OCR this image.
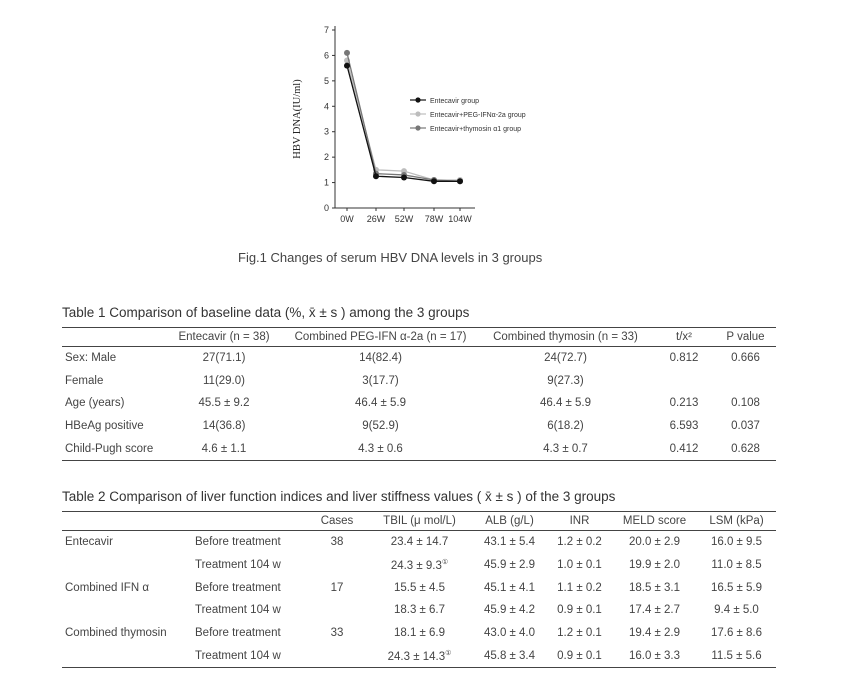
0
1
2
3
4
5
6
7
0W 26W 52W 78W 104W
HBV DNA(IU/ml)	Entecavir group
Entecavir+PEG-IFNα-2a group
Entecavir+thymosin α1 group
Fig.1 Changes of serum HBV DNA levels in 3 groups
Table 1 Comparison of baseline data (%, x̄ ± s ) among the 3 groups
	Entecavir (n = 38)	Combined PEG-IFN α-2a (n = 17)	Combined thymosin (n = 33)	t/x²	P value
Sex: Male	27(71.1)	14(82.4)	24(72.7)	0.812	0.666
Female	11(29.0)	3(17.7)	9(27.3)		
Age (years)	45.5 ± 9.2	46.4 ± 5.9	46.4 ± 5.9	0.213	0.108
HBeAg positive	14(36.8)	9(52.9)	6(18.2)	6.593	0.037
Child-Pugh score	4.6 ± 1.1	4.3 ± 0.6	4.3 ± 0.7	0.412	0.628
Table 2 Comparison of liver function indices and liver stiffness values ( x̄ ± s ) of the 3 groups
		Cases	TBIL (μ mol/L)	ALB (g/L)	INR	MELD score	LSM (kPa)
Entecavir	Before treatment	38	23.4 ± 14.7	43.1 ± 5.4	1.2 ± 0.2	20.0 ± 2.9	16.0 ± 9.5
	Treatment 104 w		24.3 ± 9.3①	45.9 ± 2.9	1.0 ± 0.1	19.9 ± 2.0	11.0 ± 8.5
Combined IFN α	Before treatment	17	15.5 ± 4.5	45.1 ± 4.1	1.1 ± 0.2	18.5 ± 3.1	16.5 ± 5.9
	Treatment 104 w		18.3 ± 6.7	45.9 ± 4.2	0.9 ± 0.1	17.4 ± 2.7	9.4 ± 5.0
Combined thymosin	Before treatment	33	18.1 ± 6.9	43.0 ± 4.0	1.2 ± 0.1	19.4 ± 2.9	17.6 ± 8.6
	Treatment 104 w		24.3 ± 14.3①	45.8 ± 3.4	0.9 ± 0.1	16.0 ± 3.3	11.5 ± 5.6
